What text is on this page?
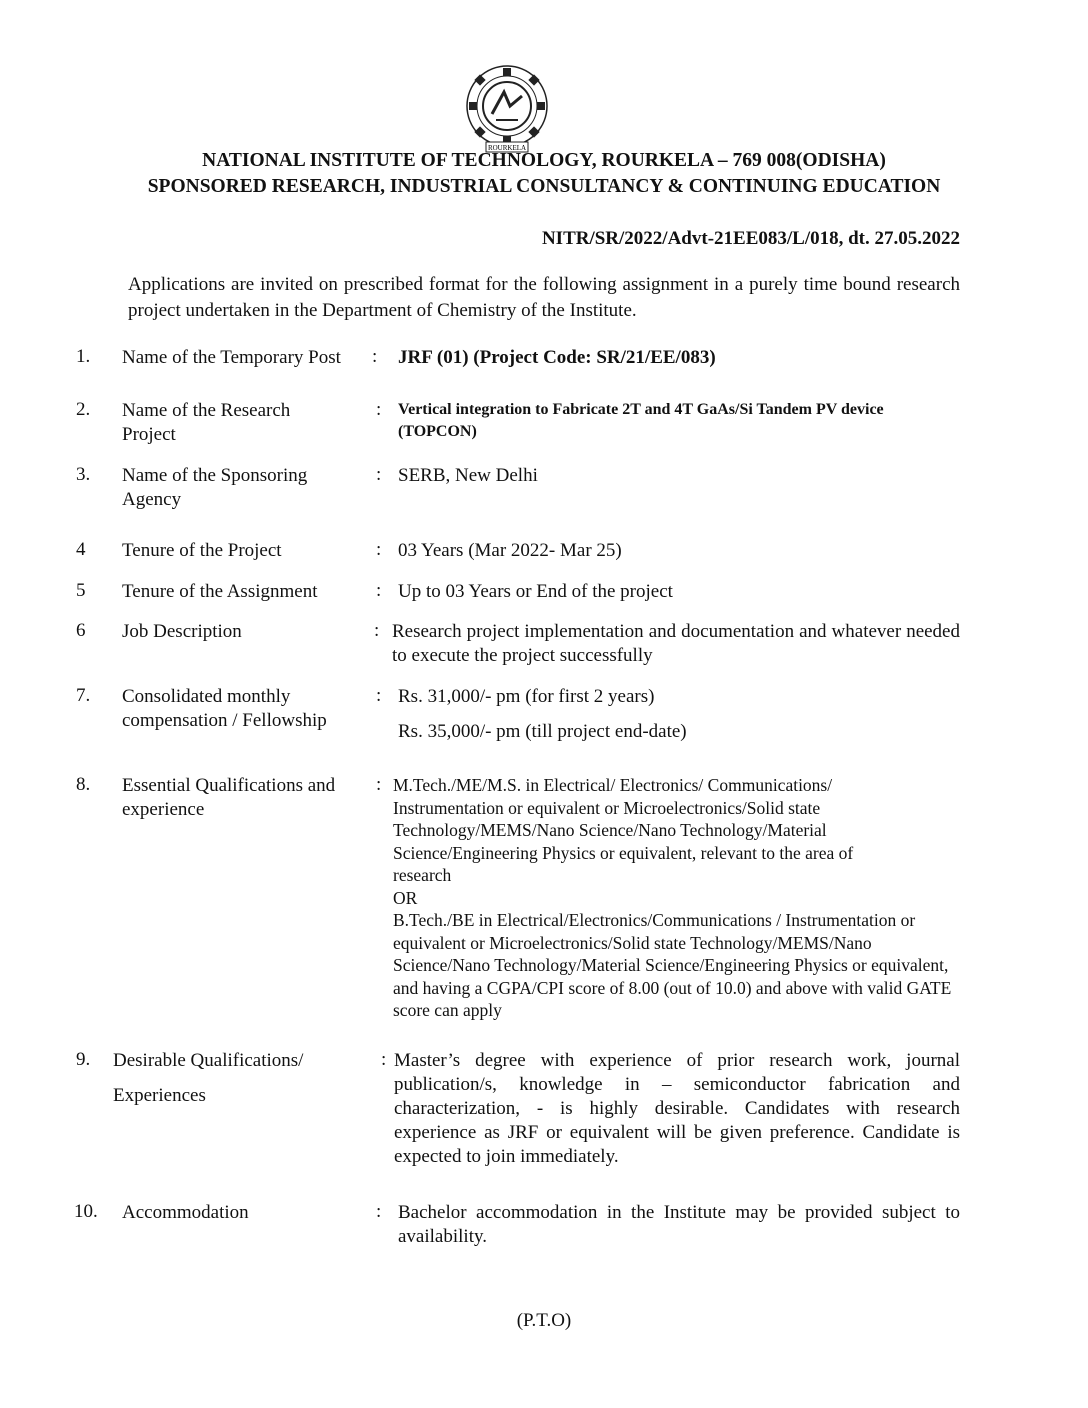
ROURKELA
NATIONAL INSTITUTE OF TECHNOLOGY, ROURKELA – 769 008(ODISHA)
SPONSORED RESEARCH, INDUSTRIAL CONSULTANCY & CONTINUING EDUCATION
NITR/SR/2022/Advt-21EE083/L/018, dt. 27.05.2022
Applications are invited on prescribed format for the following assignment in a purely time bound research project undertaken in the Department of Chemistry of the Institute.
1. Name of the Temporary Post	: JRF (01) (Project Code: SR/21/EE/083)
2. Name of the Research Project
: Vertical integration to Fabricate 2T and 4T GaAs/Si Tandem PV device (TOPCON)
3. Name of the Sponsoring Agency
: SERB, New Delhi
4 Tenure of the Project	: 03 Years (Mar 2022- Mar 25)
5 Tenure of the Assignment	: Up to 03 Years or End of the project
6 Job Description	: Research project implementation and documentation and whatever needed to execute the project successfully
7. Consolidated monthly compensation / Fellowship
: Rs. 31,000/- pm (for first 2 years)
Rs. 35,000/- pm (till project end-date)
8. Essential Qualifications and experience
: M.Tech./ME/M.S. in Electrical/ Electronics/ Communications/ Instrumentation or equivalent or Microelectronics/Solid state Technology/MEMS/Nano Science/Nano Technology/Material Science/Engineering Physics or equivalent, relevant to the area of research
OR
B.Tech./BE in Electrical/Electronics/Communications / Instrumentation or equivalent or Microelectronics/Solid state Technology/MEMS/Nano Science/Nano Technology/Material Science/Engineering Physics or equivalent, and having a CGPA/CPI score of 8.00 (out of 10.0) and above with valid GATE score can apply
9. Desirable Qualifications/
Experiences
: Master’s degree with experience of prior research work, journal publication/s, knowledge in – semiconductor fabrication and characterization, - is highly desirable. Candidates with research experience as JRF or equivalent will be given preference. Candidate is expected to join immediately.
10. Accommodation	: Bachelor accommodation in the Institute may be provided subject to availability.
(P.T.O)
